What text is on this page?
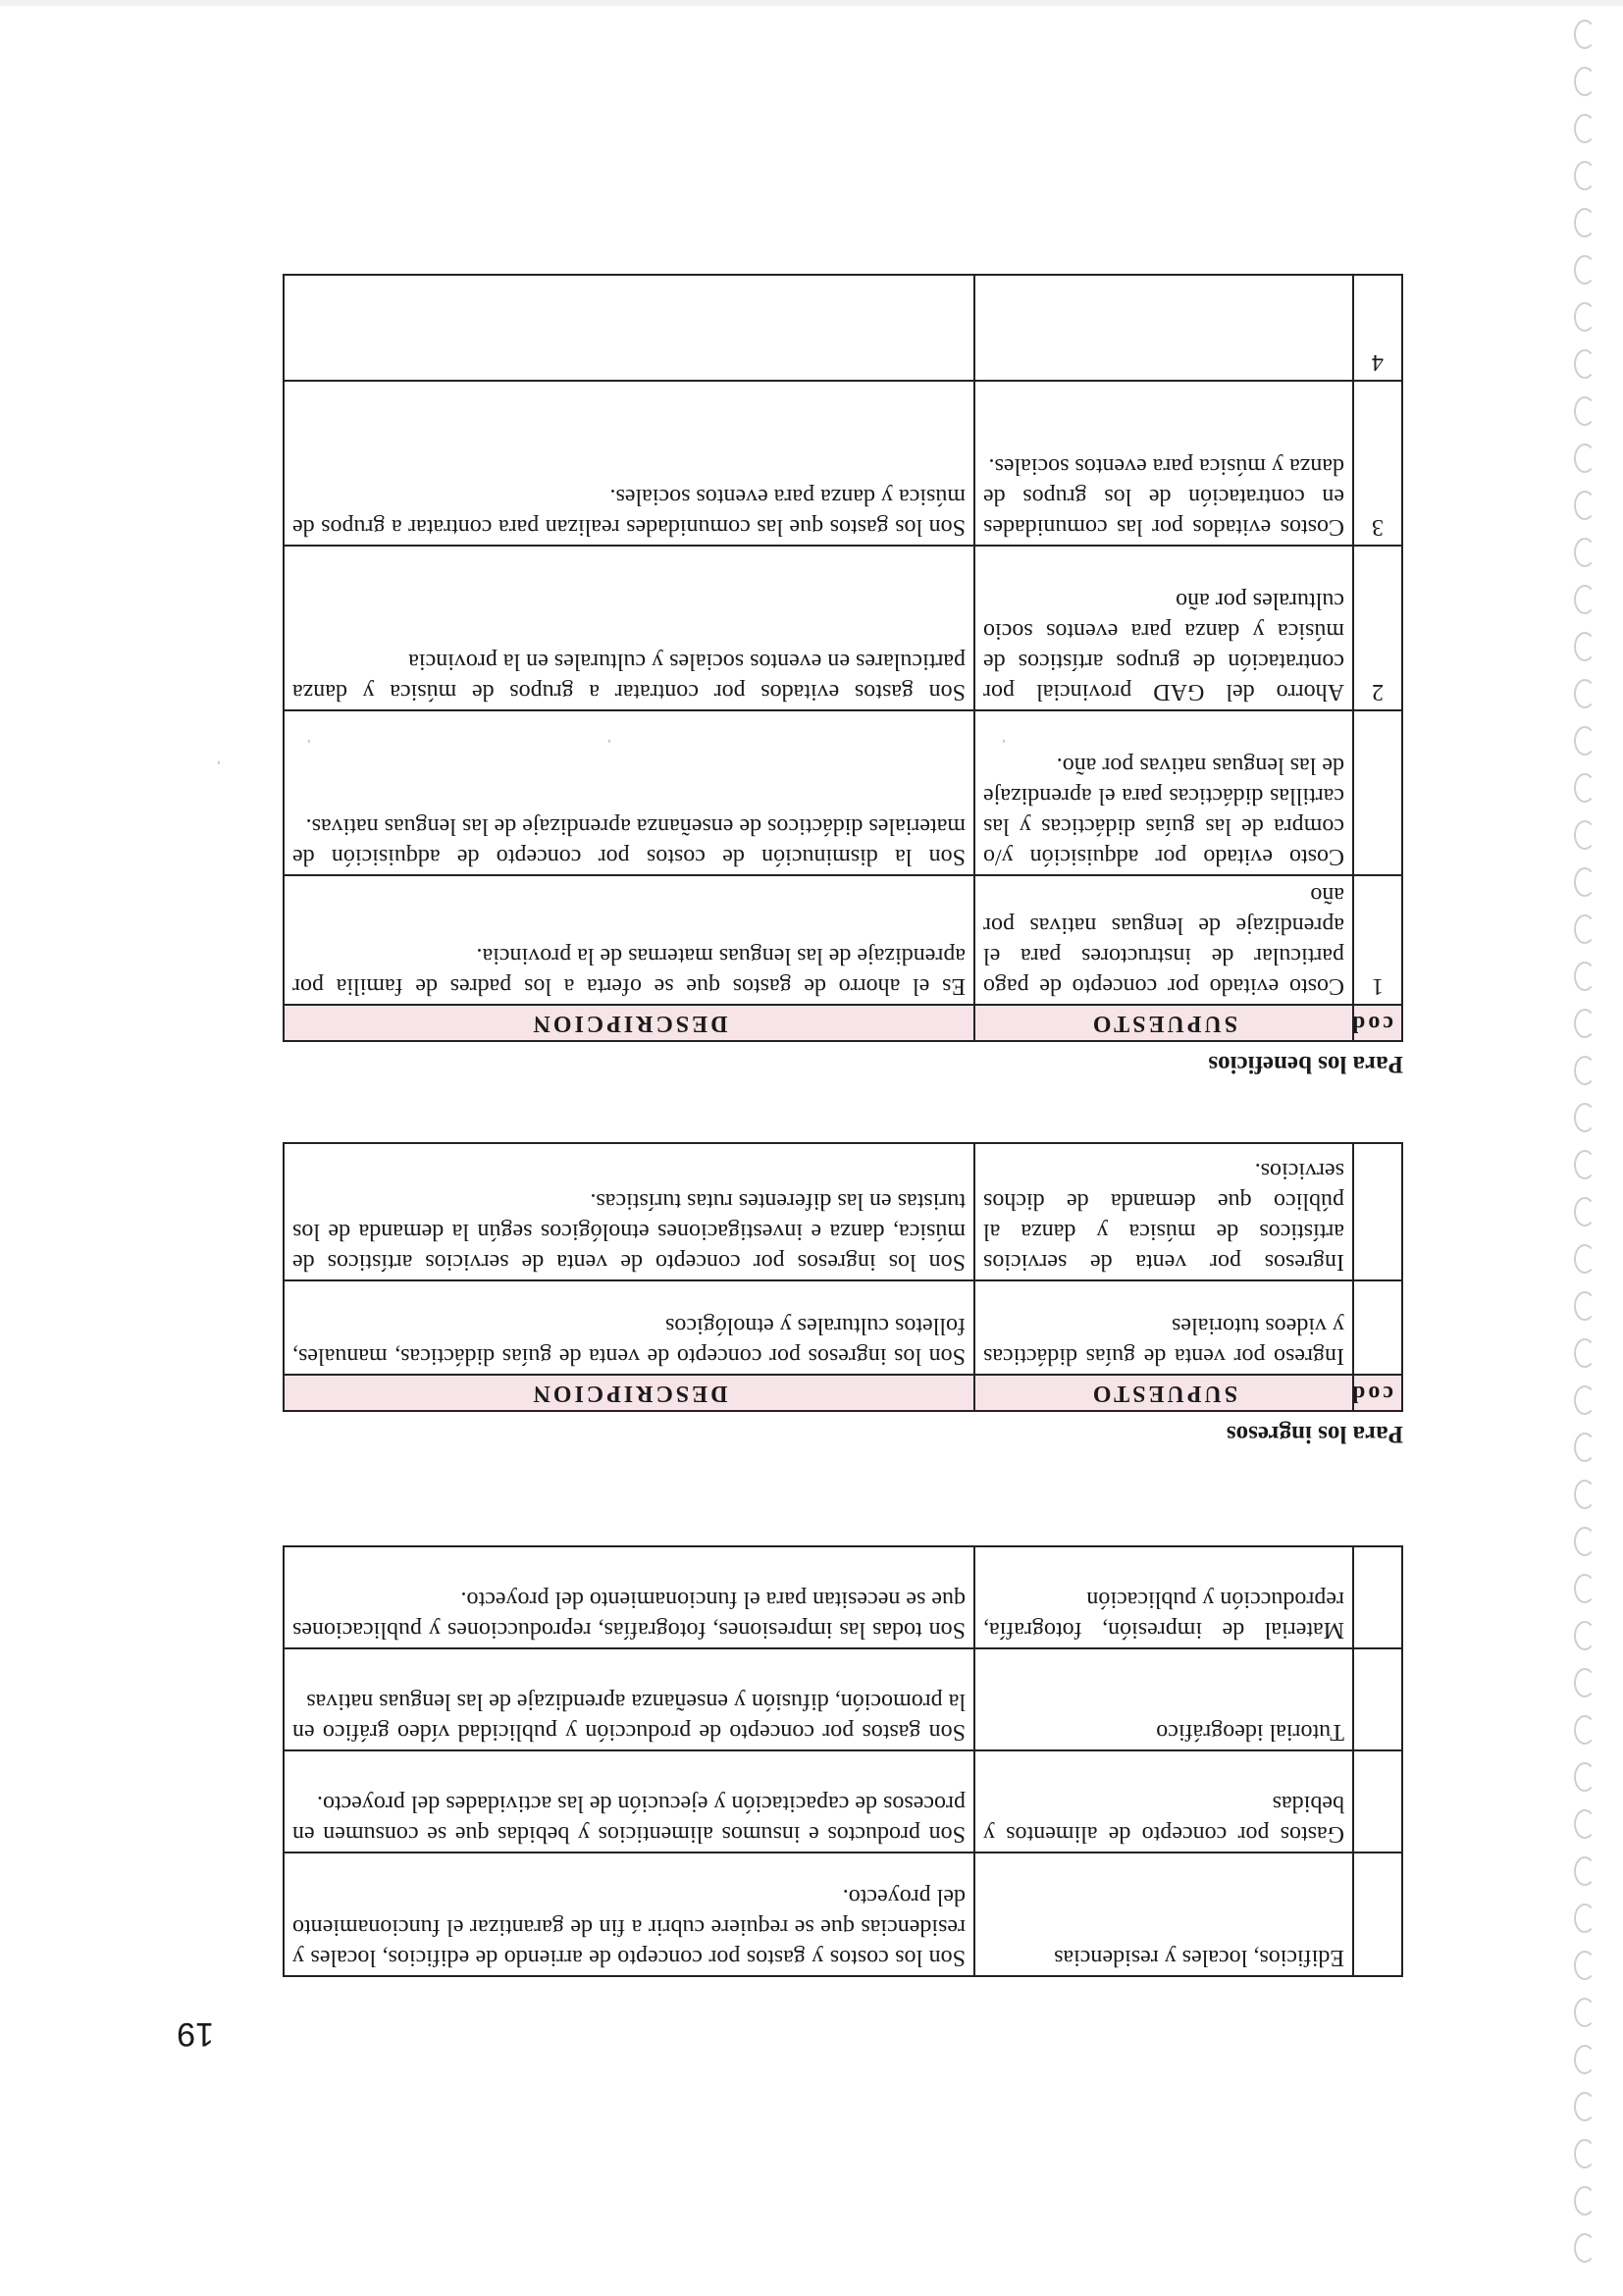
19
	Edificios, locales y residencias	Son los costos y gastos por concepto de arriendo de edificios, locales y residencias que se requiere cubrir a fin de garantizar el funcionamiento del proyecto.
	Gastos por concepto de alimentos y bebidas	Son productos e insumos alimenticios y bebidas que se consumen en procesos de capacitación y ejecución de las actividades del proyecto.
	Tutorial ideográfico	Son gastos por concepto de producción y publicidad vídeo gráfico en la promoción, difusión y enseñanza aprendizaje de las lenguas nativas
	Material de impresión, fotografía, reproducción y publicación	Son todas las impresiones, fotografías, reproducciones y publicaciones que se necesitan para el funcionamiento del proyecto.
Para los ingresos
cod	SUPUESTO	DESCRIPCION
	Ingreso por venta de guías didácticas y videos tutoriales	Son los ingresos por concepto de venta de guías didácticas, manuales, folletos culturales y etnológicos
	Ingresos por venta de servicios artísticos de música y danza al público que demanda de dichos servicios.	Son los ingresos por concepto de venta de servicios artísticos de música, danza e investigaciones etnológicos según la demanda de los turistas en las diferentes rutas turísticas.
Para los beneficios
cod	SUPUESTO	DESCRIPCION
1	Costo evitado por concepto de pago particular de instructores para el aprendizaje de lenguas nativas por año	Es el ahorro de gastos que se oferta a los padres de familia por aprendizaje de las lenguas maternas de la provincia.
	Costo evitado por adquisición y/o compra de las guías didácticas y las cartillas didácticas para el aprendizaje de las lenguas nativas por año.	Son la disminución de costos por concepto de adquisición de materiales didácticos de enseñanza aprendizaje de las lenguas nativas.
2	Ahorro del GAD provincial por contratación de grupos artísticos de música y danza para eventos socio culturales por año	Son gastos evitados por contratar a grupos de música y danza particulares en eventos sociales y culturales en la provincia
3	Costos evitados por las comunidades en contratación de los grupos de danza y música para eventos sociales.	Son los gastos que las comunidades realizan para contratar a grupos de música y danza para eventos sociales.
4		
'	'	'
'
